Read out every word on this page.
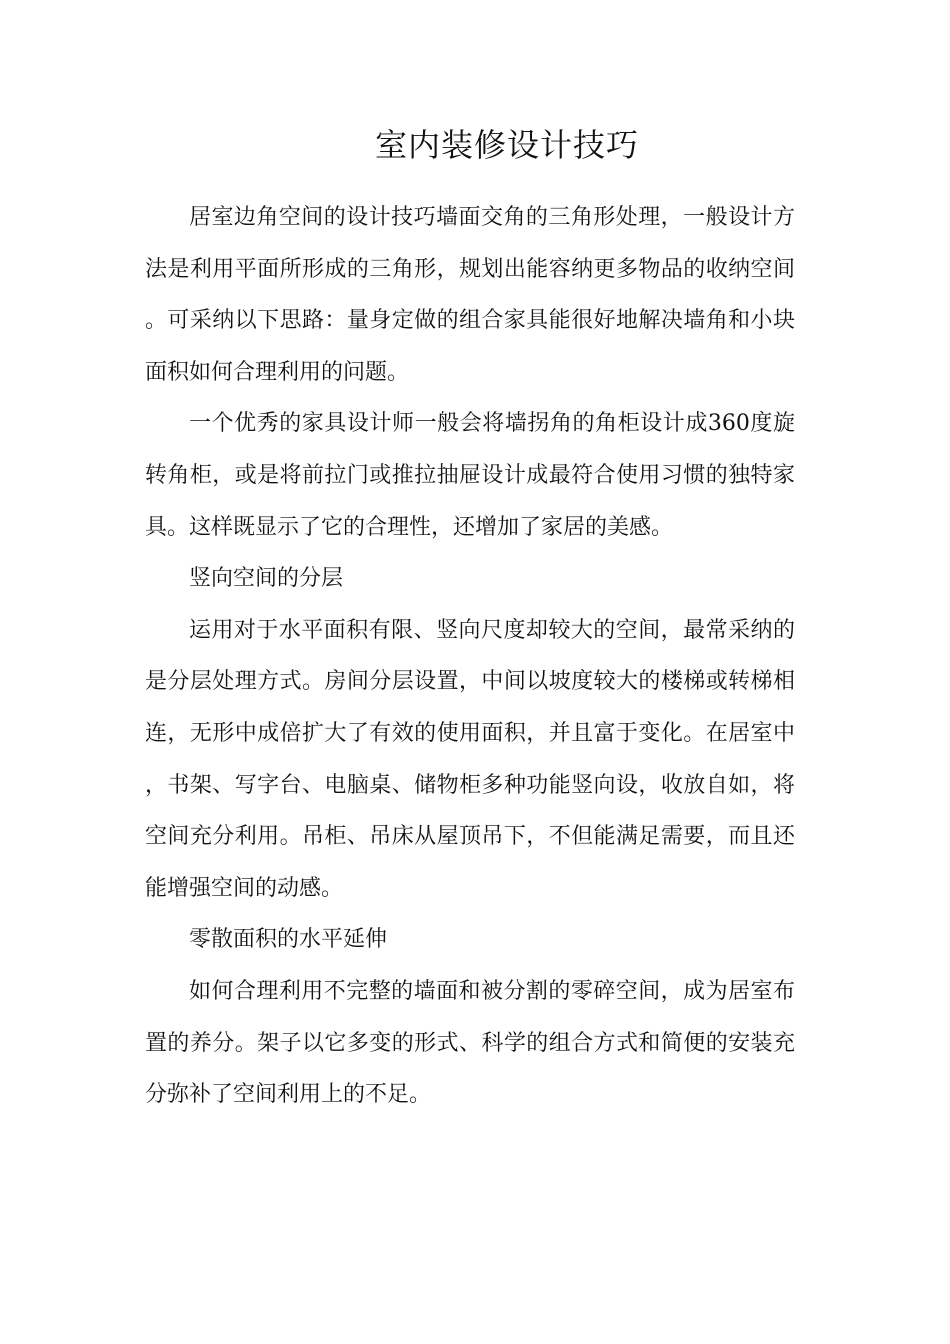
室内装修设计技巧

居室边角空间的设计技巧墙面交角的三角形处理，一般设计方法是利用平面所形成的三角形，规划出能容纳更多物品的收纳空间。可采纳以下思路：量身定做的组合家具能很好地解决墙角和小块面积如何合理利用的问题。

一个优秀的家具设计师一般会将墙拐角的角柜设计成360度旋转角柜，或是将前拉门或推拉抽屉设计成最符合使用习惯的独特家具。这样既显示了它的合理性，还增加了家居的美感。

竖向空间的分层

运用对于水平面积有限、竖向尺度却较大的空间，最常采纳的是分层处理方式。房间分层设置，中间以坡度较大的楼梯或转梯相连，无形中成倍扩大了有效的使用面积，并且富于变化。在居室中，书架、写字台、电脑桌、储物柜多种功能竖向设，收放自如，将空间充分利用。吊柜、吊床从屋顶吊下，不但能满足需要，而且还能增强空间的动感。

零散面积的水平延伸

如何合理利用不完整的墙面和被分割的零碎空间，成为居室布置的养分。架子以它多变的形式、科学的组合方式和简便的安装充分弥补了空间利用上的不足。
